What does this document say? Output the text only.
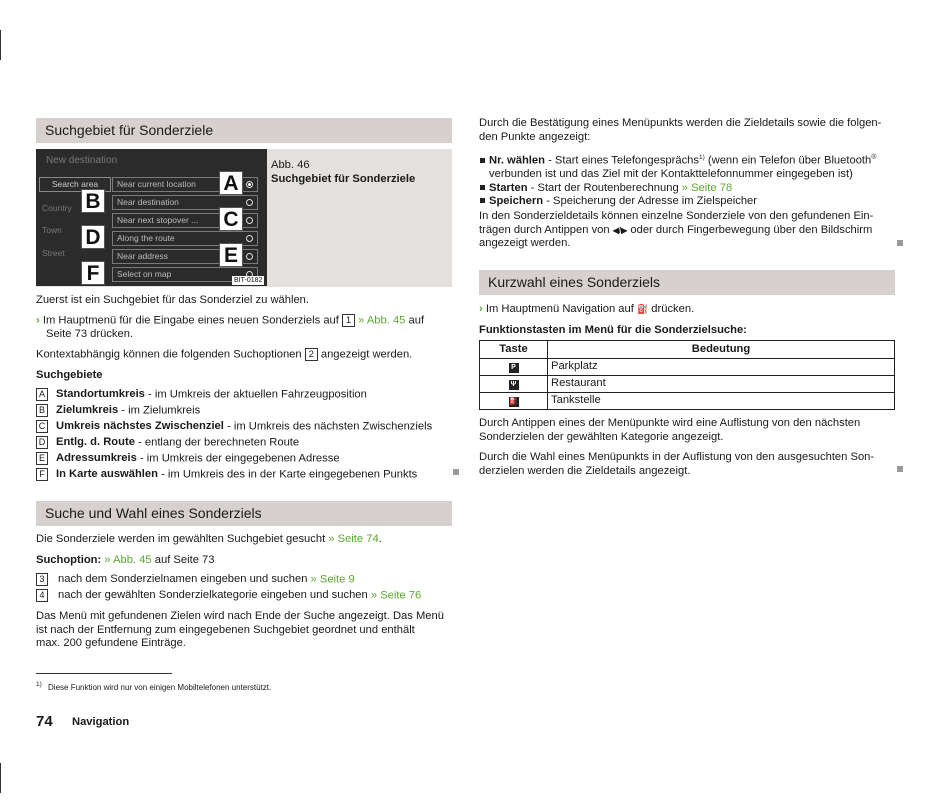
Suchgebiet für Sonderziele
New destination
Search area
Country
Town
Street
Near current location
Near destination
Near next stopover ...
Along the route
Near address
Select on map
A
B
C
D
E
F	BIT-0182
Abb. 46
Suchgebiet für Sonderziele

Zuerst ist ein Suchgebiet für das Sonderziel zu wählen.

› Im Hauptmenü für die Eingabe eines neuen Sonderziels auf 1 » Abb. 45 auf
Seite 73 drücken.
Kontextabhängig können die folgenden Suchoptionen 2 angezeigt werden.
Suchgebiete
A Standortumkreis - im Umkreis der aktuellen Fahrzeugposition
B Zielumkreis - im Zielumkreis
C Umkreis nächstes Zwischenziel - im Umkreis des nächsten Zwischenziels
D Entlg. d. Route - entlang der berechneten Route
E Adressumkreis - im Umkreis der eingegebenen Adresse
F In Karte auswählen - im Umkreis des in der Karte eingegebenen Punkts
Suche und Wahl eines Sonderziels
Die Sonderziele werden im gewählten Suchgebiet gesucht » Seite 74.
Suchoption: » Abb. 45 auf Seite 73
3 nach dem Sonderzielnamen eingeben und suchen » Seite 9
4 nach der gewählten Sonderzielkategorie eingeben und suchen » Seite 76
Das Menü mit gefundenen Zielen wird nach Ende der Suche angezeigt. Das Menü
ist nach der Entfernung zum eingegebenen Suchgebiet geordnet und enthält
max. 200 gefundene Einträge.
$^{1)}$ Diese Funktion wird nur von einigen Mobiltelefonen unterstützt.
74 Navigation
Durch die Bestätigung eines Menüpunkts werden die Zieldetails sowie die folgen-
den Punkte angezeigt:
Nr. wählen - Start eines Telefongesprächs$^{1)}$ (wenn ein Telefon über Bluetooth®
verbunden ist und das Ziel mit der Kontakttelefonnummer eingegeben ist)
Starten - Start der Routenberechnung » Seite 78
Speichern - Speicherung der Adresse im Zielspeicher
In den Sonderzieldetails können einzelne Sonderziele von den gefundenen Ein-
trägen durch Antippen von ◀/▶ oder durch Fingerbewegung über den Bildschirm
angezeigt werden.
Kurzwahl eines Sonderziels
› Im Hauptmenü Navigation auf ⛽ drücken.
Funktionstasten im Menü für die Sonderzielsuche:
Taste	Bedeutung
P	Parkplatz
Ψ	Restaurant
⛽	Tankstelle
Durch Antippen eines der Menüpunkte wird eine Auflistung von den nächsten
Sonderzielen der gewählten Kategorie angezeigt.
Durch die Wahl eines Menüpunkts in der Auflistung von den ausgesuchten Son-
derzielen werden die Zieldetails angezeigt.
